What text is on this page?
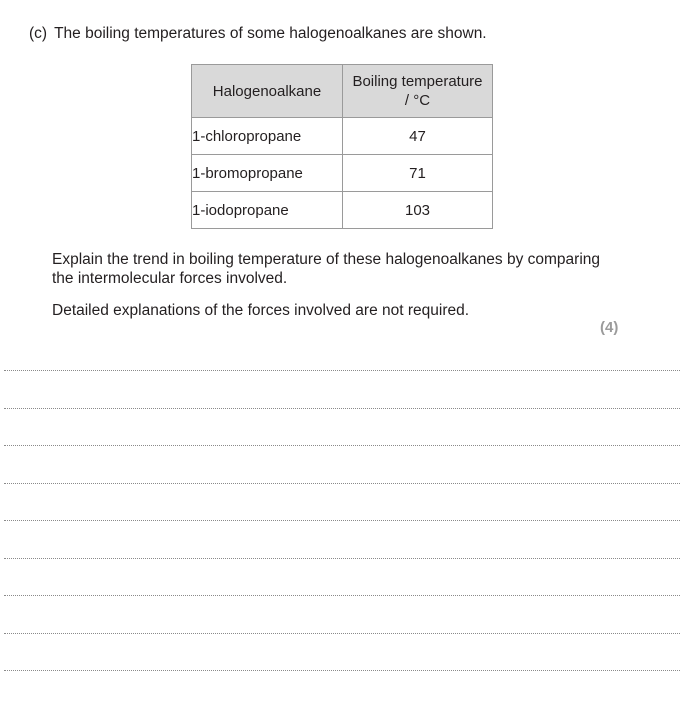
(c) The boiling temperatures of some halogenoalkanes are shown.
Halogenoalkane	Boiling temperature
/ °C

1-chloropropane	47
1-bromopropane	71
1-iodopropane	103
Explain the trend in boiling temperature of these halogenoalkanes by comparing the intermolecular forces involved.
Detailed explanations of the forces involved are not required.
(4)
